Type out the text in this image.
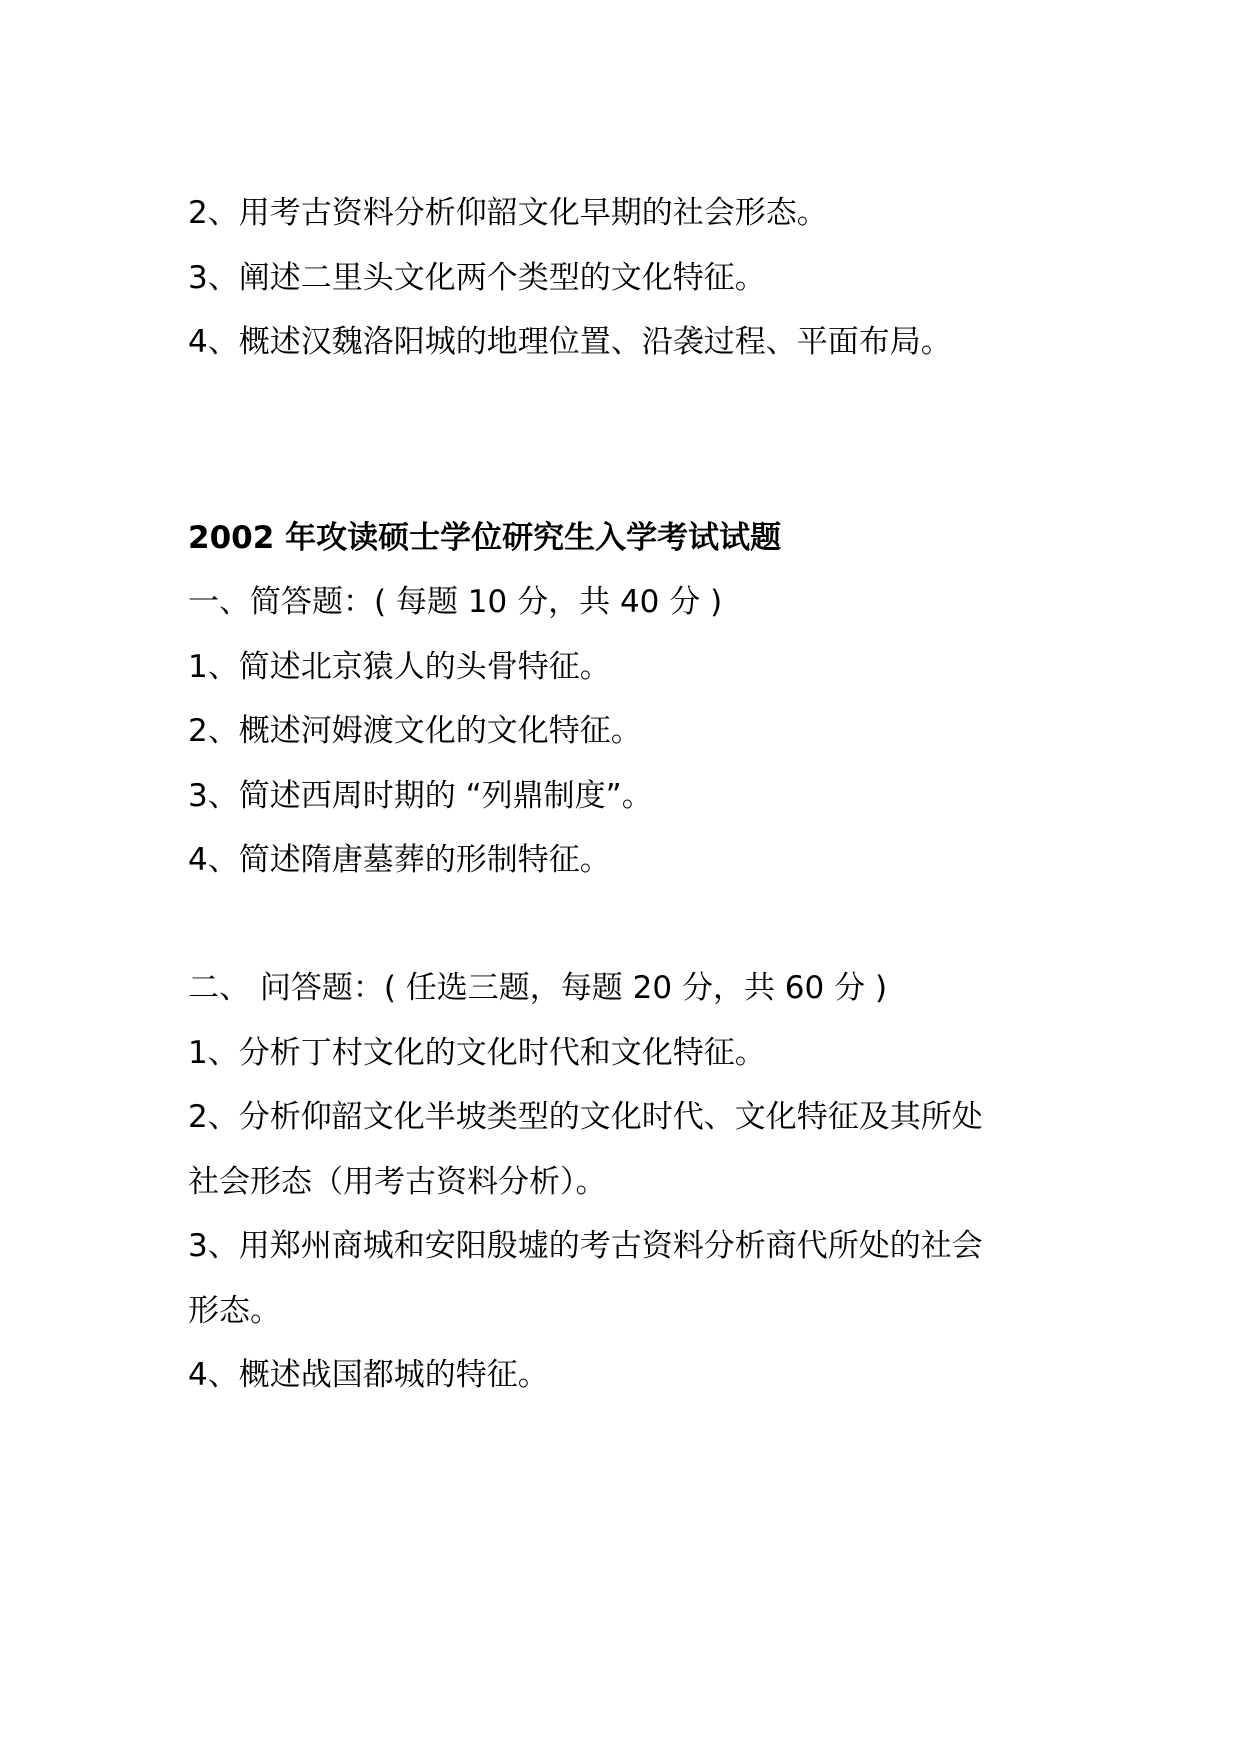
2、用考古资料分析仰韶文化早期的社会形态。
3、阐述二里头文化两个类型的文化特征。
4、概述汉魏洛阳城的地理位置、沿袭过程、平面布局。
2002 年攻读硕士学位研究生入学考试试题
一、简答题：( 每题 10 分，共 40 分 )
1、简述北京猿人的头骨特征。
2、概述河姆渡文化的文化特征。
3、简述西周时期的 “列鼎制度”。
4、简述隋唐墓葬的形制特征。
二、 问答题：( 任选三题，每题 20 分，共 60 分 )
1、分析丁村文化的文化时代和文化特征。
2、分析仰韶文化半坡类型的文化时代、文化特征及其所处
社会形态（用考古资料分析）。
3、用郑州商城和安阳殷墟的考古资料分析商代所处的社会
形态。
4、概述战国都城的特征。
